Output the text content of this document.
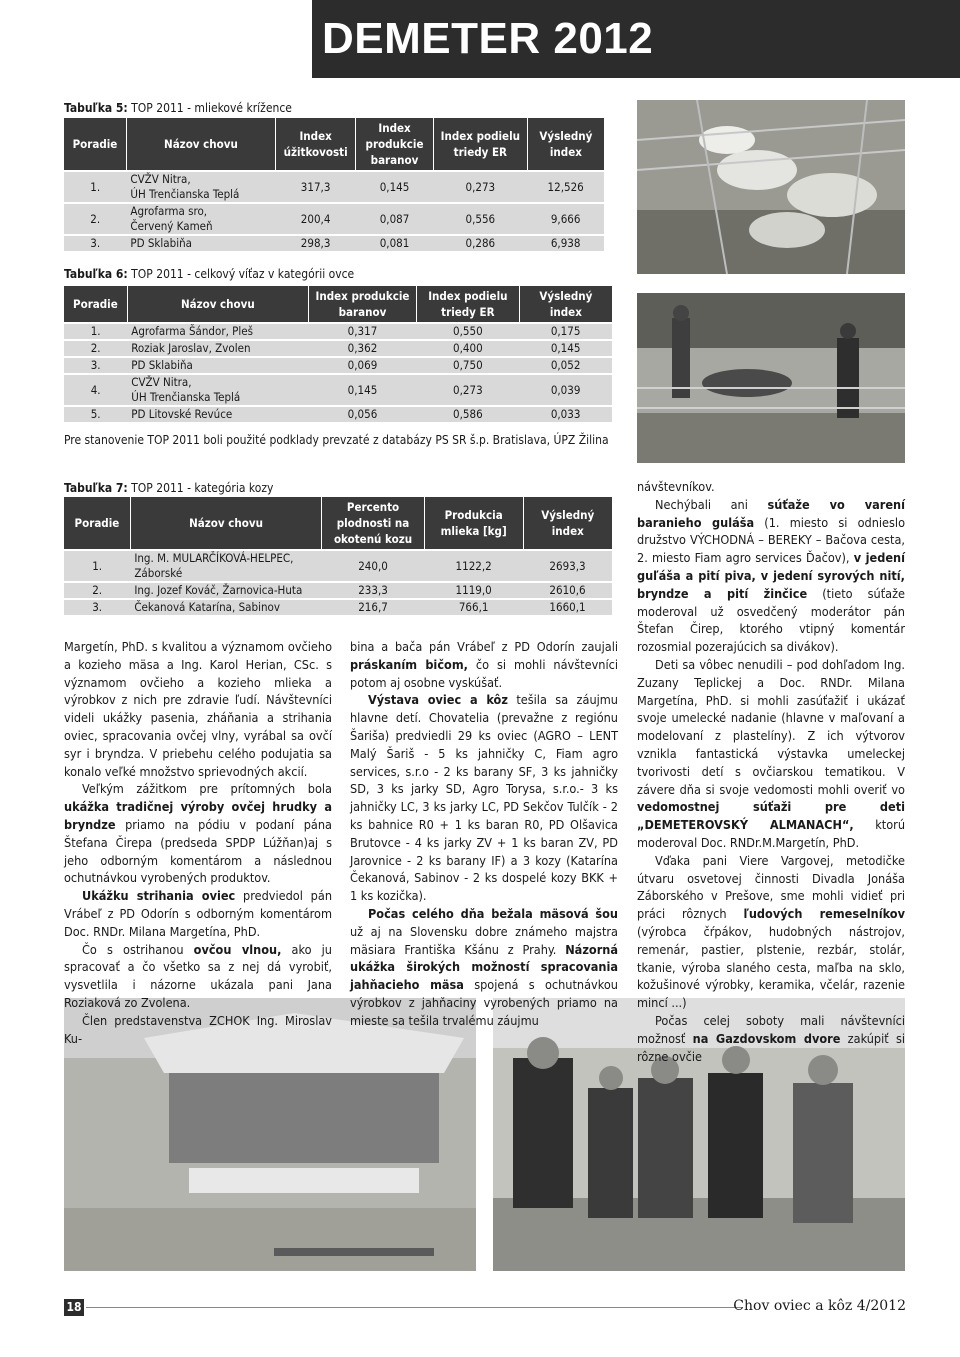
DEMETER 2012
Tabuľka 5: TOP 2011 - mliekové krížence
Poradie	Názov chovu	Index úžitkovosti	Index produkcie baranov	Index podielu triedy ER	Výsledný index
1.	CVŽV Nitra,
ÚH Trenčianska Teplá	317,3	0,145	0,273	12,526
2.	Agrofarma sro,
Červený Kameň	200,4	0,087	0,556	9,666
3.	PD Sklabiňa	298,3	0,081	0,286	6,938
Tabuľka 6: TOP 2011 - celkový víťaz v kategórii ovce
Poradie	Názov chovu	Index produkcie baranov	Index podielu triedy ER	Výsledný index
1.	Agrofarma Šándor, Pleš	0,317	0,550	0,175
2.	Roziak Jaroslav, Zvolen	0,362	0,400	0,145
3.	PD Sklabiňa	0,069	0,750	0,052
4.	CVŽV Nitra,
ÚH Trenčianska Teplá	0,145	0,273	0,039
5.	PD Litovské Revúce	0,056	0,586	0,033
Pre stanovenie TOP 2011 boli použité podklady prevzaté z databázy PS SR š.p. Bratislava, ÚPZ Žilina
Tabuľka 7: TOP 2011 - kategória kozy
Poradie	Názov chovu	Percento plodnosti na okotenú kozu	Produkcia mlieka [kg]	Výsledný index
1.	Ing. M. MULARČÍKOVÁ-HELPEC,
Záborské	240,0	1122,2	2693,3
2.	Ing. Jozef Kováč, Žarnovica-Huta	233,3	1119,0	2610,6
3.	Čekanová Katarína, Sabinov	216,7	766,1	1660,1

Margetín, PhD. s kvalitou a významom ovčieho a kozieho mäsa a Ing. Karol Herian, CSc. s významom ovčieho a kozieho mlieka a výrobkov z nich pre zdravie ľudí. Návštevníci videli ukážky pasenia, zháňania a strihania oviec, spracovania ovčej vlny, vyrábal sa ovčí syr i bryndza. V priebehu celého podujatia sa konalo veľké množstvo sprievodných akcií.

Veľkým zážitkom pre prítomných bola ukážka tradičnej výroby ovčej hrudky a bryndze priamo na pódiu v podaní pána Štefana Čirepa (predseda SPDP Lúžňan)aj s jeho odborným komentárom a následnou ochutnávkou vyrobených produktov.

Ukážku strihania oviec predviedol pán Vrábeľ z PD Odorín s odborným komentárom Doc. RNDr. Milana Margetína, PhD.

Čo s ostrihanou ovčou vlnou, ako ju spracovať a čo všetko sa z nej dá vyrobiť, vysvetlila i názorne ukázala pani Jana Roziaková zo Zvolena.

Člen predstavenstva ZCHOK Ing. Miroslav Ku-

bina a bača pán Vrábeľ z PD Odorín zaujali práskaním bičom, čo si mohli návštevníci potom aj osobne vyskúšať.

Výstava oviec a kôz tešila sa záujmu hlavne detí. Chovatelia (prevažne z regiónu Šariša) predviedli 29 ks oviec (AGRO – LENT Malý Šariš - 5 ks jahničky C, Fiam agro services, s.r.o - 2 ks barany SF, 3 ks jahničky SD, 3 ks jarky SD, Agro Torysa, s.r.o.- 3 ks jahničky LC, 3 ks jarky LC, PD Sekčov Tulčík - 2 ks bahnice R0 + 1 ks baran R0, PD Olšavica Brutovce - 4 ks jarky ZV + 1 ks baran ZV, PD Jarovnice - 2 ks barany IF) a 3 kozy (Katarína Čekanová, Sabinov - 2 ks dospelé kozy BKK + 1 ks kozička).

Počas celého dňa bežala mäsová šou už aj na Slovensku dobre známeho majstra mäsiara Františka Kšánu z Prahy. Názorná ukážka širokých možností spracovania jahňacieho mäsa spojená s ochutnávkou výrobkov z jahňaciny vyrobených priamo na mieste sa tešila trvalému záujmu

návštevníkov.

Nechýbali ani súťaže vo varení baranieho guláša (1. miesto si odnieslo družstvo VÝCHODNÁ – BEREKY – Bačova cesta, 2. miesto Fiam agro services Ďačov), v jedení guľáša a pití piva, v jedení syrových nití, bryndze a pití žinčice (tieto súťaže moderoval už osvedčený moderátor pán Štefan Čirep, ktorého vtipný komentár rozosmial pozerajúcich sa divákov).

Deti sa vôbec nenudili – pod dohľadom Ing. Zuzany Teplickej a Doc. RNDr. Milana Margetína, PhD. si mohli zasúťažiť i ukázať svoje umelecké nadanie (hlavne v maľovaní a modelovaní z plastelíny). Z ich výtvorov vznikla fantastická výstavka umeleckej tvorivosti detí s ovčiarskou tematikou. V závere dňa si svoje vedomosti mohli overiť vo vedomostnej súťaži pre deti „DEMETEROVSKÝ ALMANACH“, ktorú moderoval Doc. RNDr.M.Margetín, PhD.

Vďaka pani Viere Vargovej, metodičke útvaru osvetovej činnosti Divadla Jonáša Záborského v Prešove, sme mohli vidieť pri práci rôznych ľudových remeselníkov (výrobca čŕpákov, hudobných nástrojov, remenár, pastier, plstenie, rezbár, stolár, tkanie, výroba slaného cesta, maľba na sklo, kožušinové výrobky, keramika, včelár, razenie mincí ...)

Počas celej soboty mali návštevníci možnosť na Gazdovskom dvore zakúpiť si rôzne ovčie

18	Chov oviec a kôz 4/2012
